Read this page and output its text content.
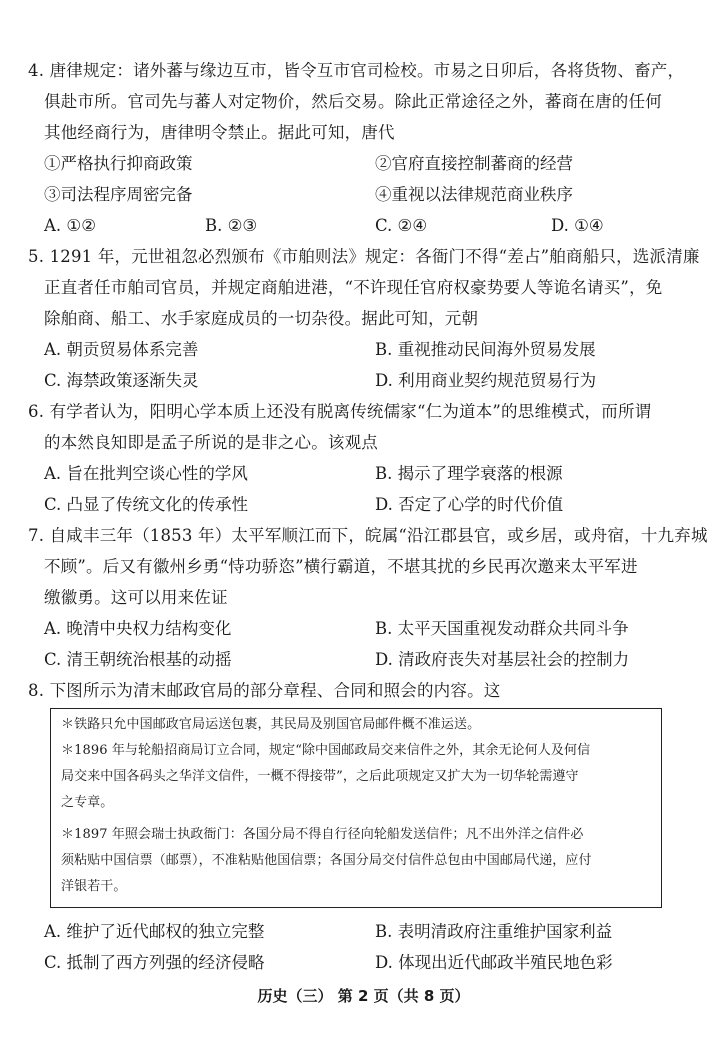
4. 唐律规定：诸外蕃与缘边互市，皆令互市官司检校。市易之日卯后，各将货物、畜产，
俱赴市所。官司先与蕃人对定物价，然后交易。除此正常途径之外，蕃商在唐的任何
其他经商行为，唐律明令禁止。据此可知，唐代
①严格执行抑商政策	②官府直接控制蕃商的经营
③司法程序周密完备	④重视以法律规范商业秩序
A. ①②	B. ②③	C. ②④	D. ①④
5. 1291 年，元世祖忽必烈颁布《市舶则法》规定：各衙门不得“差占”舶商船只，选派清廉
正直者任市舶司官员，并规定商舶进港，“不许现任官府权豪势要人等诡名请买”，免
除舶商、船工、水手家庭成员的一切杂役。据此可知，元朝
A. 朝贡贸易体系完善	B. 重视推动民间海外贸易发展
C. 海禁政策逐渐失灵	D. 利用商业契约规范贸易行为
6. 有学者认为，阳明心学本质上还没有脱离传统儒家“仁为道本”的思维模式，而所谓
的本然良知即是孟子所说的是非之心。该观点
A. 旨在批判空谈心性的学风	B. 揭示了理学衰落的根源
C. 凸显了传统文化的传承性	D. 否定了心学的时代价值
7. 自咸丰三年（1853 年）太平军顺江而下，皖属“沿江郡县官，或乡居，或舟宿，十九弃城
不顾”。后又有徽州乡勇“恃功骄恣”横行霸道，不堪其扰的乡民再次邀来太平军进
缴徽勇。这可以用来佐证
A. 晚清中央权力结构变化	B. 太平天国重视发动群众共同斗争
C. 清王朝统治根基的动摇	D. 清政府丧失对基层社会的控制力
8. 下图所示为清末邮政官局的部分章程、合同和照会的内容。这
＊铁路只允中国邮政官局运送包裹，其民局及别国官局邮件概不准运送。
＊1896 年与轮船招商局订立合同，规定“除中国邮政局交来信件之外，其余无论何人及何信
局交来中国各码头之华洋文信件，一概不得接带”，之后此项规定又扩大为一切华轮需遵守
之专章。
＊1897 年照会瑞士执政衙门：各国分局不得自行径向轮船发送信件；凡不出外洋之信件必
须粘贴中国信票（邮票），不准粘贴他国信票；各国分局交付信件总包由中国邮局代递，应付
洋银若干。
A. 维护了近代邮权的独立完整	B. 表明清政府注重维护国家利益
C. 抵制了西方列强的经济侵略	D. 体现出近代邮政半殖民地色彩
历史（三） 第 2 页（共 8 页）
